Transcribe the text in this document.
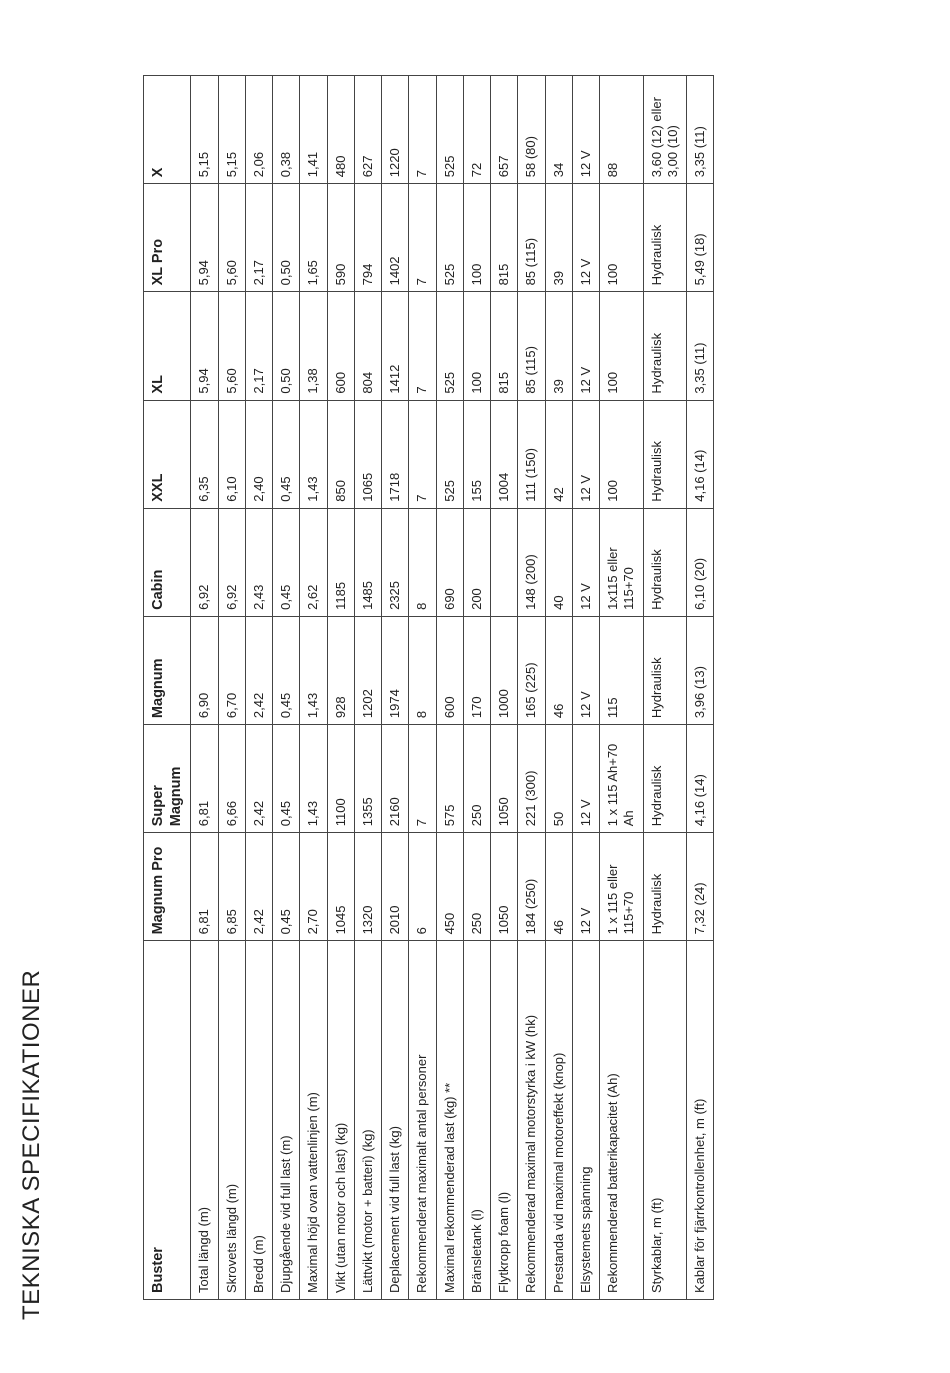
TEKNISKA SPECIFIKATIONER	Buster	Magnum Pro	Super Magnum	Magnum	Cabin	XXL	XL	XL Pro	X
Total längd (m)	6,81	6,81	6,90	6,92	6,35	5,94	5,94	5,15
Skrovets längd (m)	6,85	6,66	6,70	6,92	6,10	5,60	5,60	5,15
Bredd (m)	2,42	2,42	2,42	2,43	2,40	2,17	2,17	2,06
Djupgående vid full last (m)	0,45	0,45	0,45	0,45	0,45	0,50	0,50	0,38
Maximal höjd ovan vattenlinjen (m)	2,70	1,43	1,43	2,62	1,43	1,38	1,65	1,41
Vikt (utan motor och last) (kg)	1045	1100	928	1185	850	600	590	480
Lättvikt (motor + batteri) (kg)	1320	1355	1202	1485	1065	804	794	627
Deplacement vid full last (kg)	2010	2160	1974	2325	1718	1412	1402	1220
Rekommenderat maximalt antal personer	6	7	8	8	7	7	7	7
Maximal rekommenderad last (kg) **	450	575	600	690	525	525	525	525
Bränsletank (l)	250	250	170	200	155	100	100	72
Flytkropp foam (l)	1050	1050	1000		1004	815	815	657
Rekommenderad maximal motorstyrka i kW (hk)	184 (250)	221 (300)	165 (225)	148 (200)	111 (150)	85 (115)	85 (115)	58 (80)
Prestanda vid maximal motoreffekt (knop)	46	50	46	40	42	39	39	34
Elsystemets spänning	12 V	12 V	12 V	12 V	12 V	12 V	12 V	12 V
Rekommenderad batterikapacitet (Ah)	1 x 115 eller 115+70	1 x 115 Ah+70 Ah	115	1x115 eller 115+70	100	100	100	88
Styrkablar, m (ft)	Hydraulisk	Hydraulisk	Hydraulisk	Hydraulisk	Hydraulisk	Hydraulisk	Hydraulisk	3,60 (12) eller 3,00 (10)
Kablar för fjärrkontrollenhet, m (ft)	7,32 (24)	4,16 (14)	3,96 (13)	6,10 (20)	4,16 (14)	3,35 (11)	5,49 (18)	3,35 (11)
